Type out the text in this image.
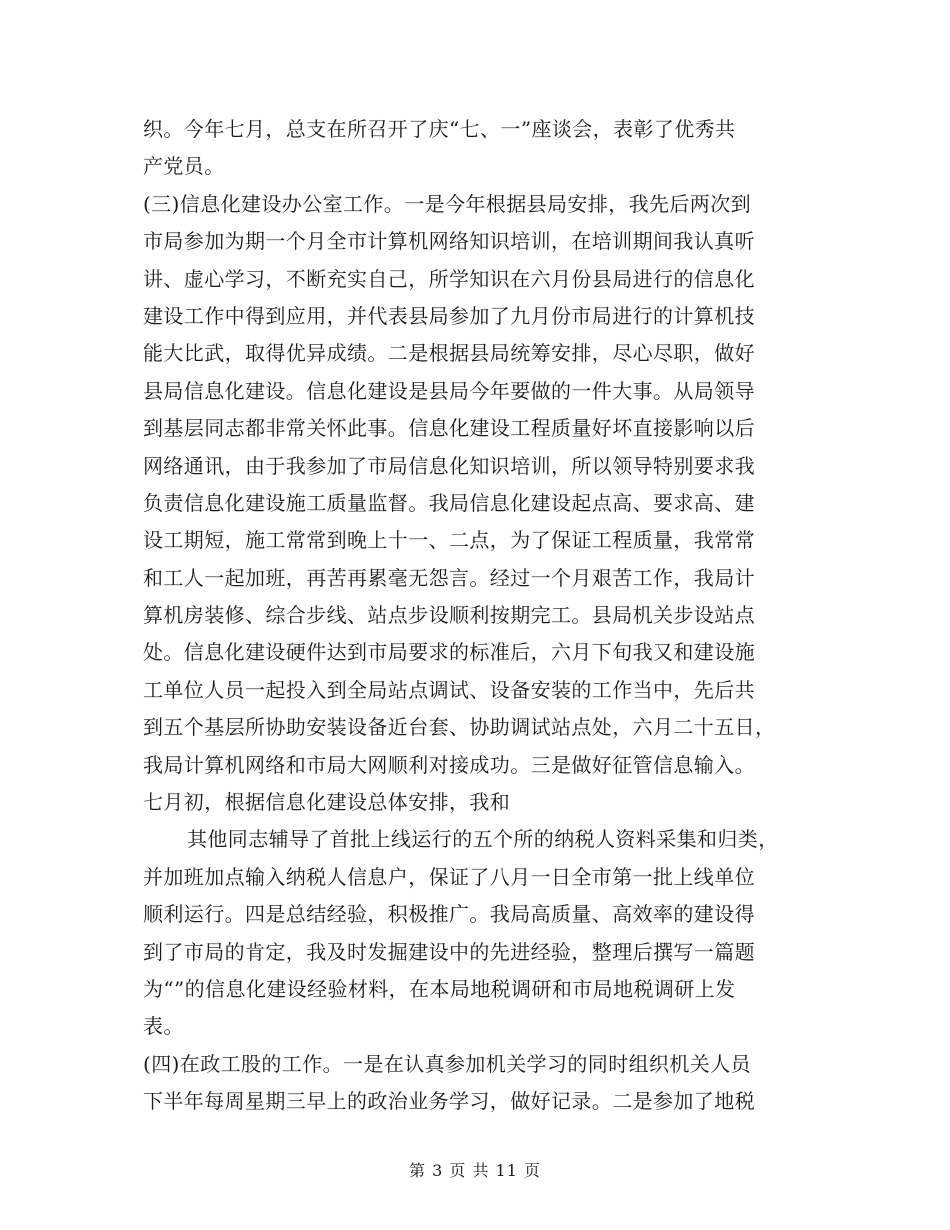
织。今年七月，总支在所召开了庆“七、一”座谈会，表彰了优秀共
产党员。
(三)信息化建设办公室工作。一是今年根据县局安排，我先后两次到
市局参加为期一个月全市计算机网络知识培训，在培训期间我认真听
讲、虚心学习，不断充实自己，所学知识在六月份县局进行的信息化
建设工作中得到应用，并代表县局参加了九月份市局进行的计算机技
能大比武，取得优异成绩。二是根据县局统筹安排，尽心尽职，做好
县局信息化建设。信息化建设是县局今年要做的一件大事。从局领导
到基层同志都非常关怀此事。信息化建设工程质量好坏直接影响以后
网络通讯，由于我参加了市局信息化知识培训，所以领导特别要求我
负责信息化建设施工质量监督。我局信息化建设起点高、要求高、建
设工期短，施工常常到晚上十一、二点，为了保证工程质量，我常常
和工人一起加班，再苦再累毫无怨言。经过一个月艰苦工作，我局计
算机房装修、综合步线、站点步设顺利按期完工。县局机关步设站点
处。信息化建设硬件达到市局要求的标准后，六月下旬我又和建设施
工单位人员一起投入到全局站点调试、设备安装的工作当中，先后共
到五个基层所协助安装设备近台套、协助调试站点处，六月二十五日，
我局计算机网络和市局大网顺利对接成功。三是做好征管信息输入。
七月初，根据信息化建设总体安排，我和
其他同志辅导了首批上线运行的五个所的纳税人资料采集和归类，
并加班加点输入纳税人信息户，保证了八月一日全市第一批上线单位
顺利运行。四是总结经验，积极推广。我局高质量、高效率的建设得
到了市局的肯定，我及时发掘建设中的先进经验，整理后撰写一篇题
为“”的信息化建设经验材料，在本局地税调研和市局地税调研上发
表。
(四)在政工股的工作。一是在认真参加机关学习的同时组织机关人员
下半年每周星期三早上的政治业务学习，做好记录。二是参加了地税
第 3 页 共 11 页
